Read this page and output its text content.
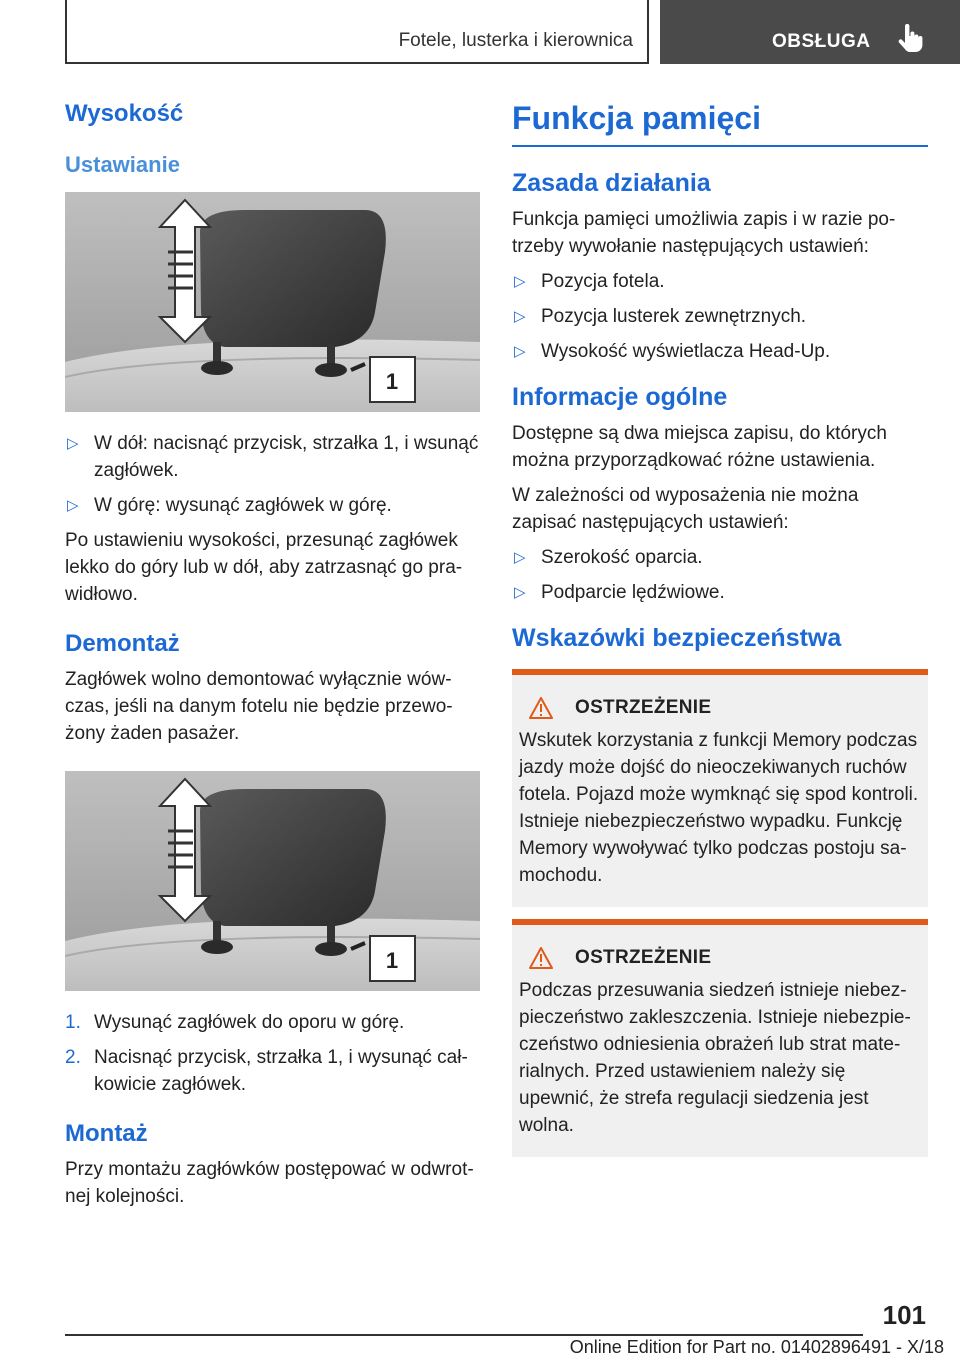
Fotele, lusterka i kierownica	OBSŁUGA
Wysokość
Ustawianie
1
▷ W dół: nacisnąć przycisk, strzałka 1, i wsunąć zagłówek.
▷ W górę: wysunąć zagłówek w górę.

Po ustawieniu wysokości, przesunąć zagłówek lekko do góry lub w dół, aby zatrzasnąć go prawidłowo.

Demontaż

Zagłówek wolno demontować wyłącznie wówczas, jeśli na danym fotelu nie będzie przewożony żaden pasażer.

1
1. Wysunąć zagłówek do oporu w górę.
2. Nacisnąć przycisk, strzałka 1, i wysunąć całkowicie zagłówek.
Montaż

Przy montażu zagłówków postępować w odwrotnej kolejności.

Funkcja pamięci
Zasada działania

Funkcja pamięci umożliwia zapis i w razie potrzeby wywołanie następujących ustawień:

▷ Pozycja fotela.
▷ Pozycja lusterek zewnętrznych.
▷ Wysokość wyświetlacza Head-Up.
Informacje ogólne

Dostępne są dwa miejsca zapisu, do których można przyporządkować różne ustawienia.

W zależności od wyposażenia nie można zapisać następujących ustawień:

▷ Szerokość oparcia.
▷ Podparcie lędźwiowe.
Wskazówki bezpieczeństwa
OSTRZEŻENIE

Wskutek korzystania z funkcji Memory podczas jazdy może dojść do nieoczekiwanych ruchów fotela. Pojazd może wymknąć się spod kontroli. Istnieje niebezpieczeństwo wypadku. Funkcję Memory wywoływać tylko podczas postoju samochodu.

OSTRZEŻENIE

Podczas przesuwania siedzeń istnieje niebezpieczeństwo zakleszczenia. Istnieje niebezpieczeństwo odniesienia obrażeń lub strat materialnych. Przed ustawieniem należy się upewnić, że strefa regulacji siedzenia jest wolna.

101
Online Edition for Part no. 01402896491 - X/18
